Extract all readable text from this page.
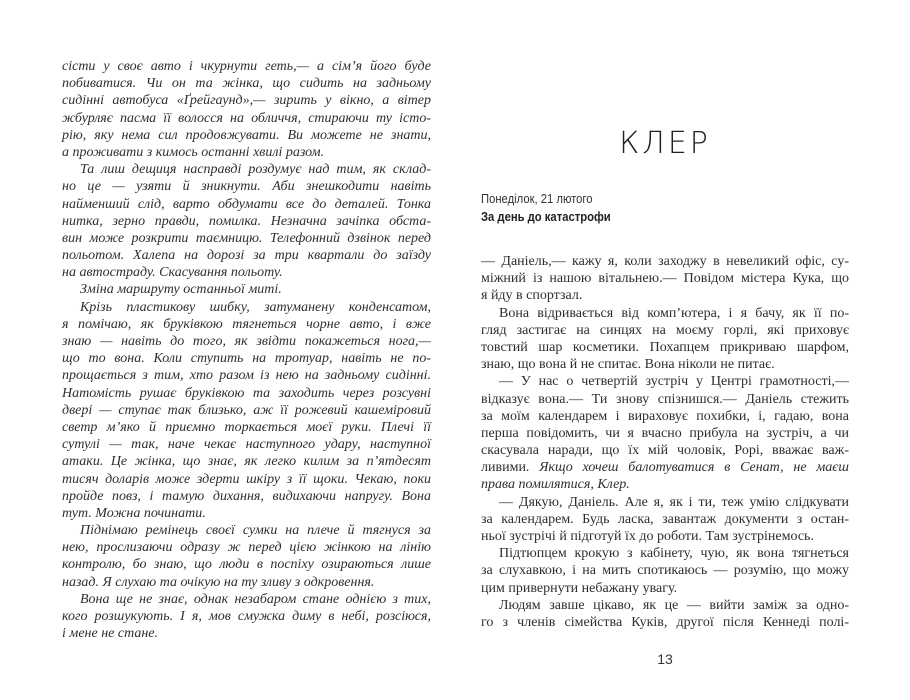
сісти у своє авто і чкурнути геть,— а сім’я його буде
побиватися. Чи он та жінка, що сидить на задньому
сидінні автобуса «Ґрейгаунд»,— зирить у вікно, а вітер
жбурляє пасма її волосся на обличчя, стираючи ту істо-
рію, яку нема сил продовжувати. Ви можете не знати,
а проживати з кимось останні хвилі разом.
Та лиш дещиця насправді роздумує над тим, як склад-
но це — узяти й зникнути. Аби знешкодити навіть
найменший слід, варто обдумати все до деталей. Тонка
нитка, зерно правди, помилка. Незначна зачіпка обста-
вин може розкрити таємницю. Телефонний дзвінок перед
польотом. Халепа на дорозі за три квартали до заїзду
на автостраду. Скасування польоту.
Зміна маршруту останньої миті.
Крізь пластикову шибку, затуманену конденсатом,
я помічаю, як бруківкою тягнеться чорне авто, і вже
знаю — навіть до того, як звідти покажеться нога,—
що то вона. Коли ступить на тротуар, навіть не по-
прощається з тим, хто разом із нею на задньому сидінні.
Натомість рушає бруківкою та заходить через розсувні
двері — ступає так близько, аж її рожевий кашеміровий
светр м’яко й приємно торкається моєї руки. Плечі її
сутулі — так, наче чекає наступного удару, наступної
атаки. Це жінка, що знає, як легко килим за п’ятдесят
тисяч доларів може здерти шкіру з її щоки. Чекаю, поки
пройде повз, і тамую дихання, видихаючи напругу. Вона
тут. Можна починати.
Піднімаю ремінець своєї сумки на плече й тягнуся за
нею, прослизаючи одразу ж перед цією жінкою на лінію
контролю, бо знаю, що люди в поспіху озираються лише
назад. Я слухаю та очікую на ту зливу з одкровення.
Вона ще не знає, однак незабаром стане однією з тих,
кого розшукують. І я, мов смужка диму в небі, розсіюся,
і мене не стане.
КЛЕР
Понеділок, 21 лютого
За день до катастрофи
— Даніель,— кажу я, коли заходжу в невеликий офіс, су-
міжний із нашою вітальнею.— Повідом містера Кука, що
я йду в спортзал.
Вона відривається від комп’ютера, і я бачу, як її по-
гляд застигає на синцях на моєму горлі, які приховує
товстий шар косметики. Похапцем прикриваю шарфом,
знаю, що вона й не спитає. Вона ніколи не питає.
— У нас о четвертій зустріч у Центрі грамотності,—
відказує вона.— Ти знову спізнишся.— Даніель стежить
за моїм календарем і вираховує похибки, і, гадаю, вона
перша повідомить, чи я вчасно прибула на зустріч, а чи
скасувала наради, що їх мій чоловік, Рорі, вважає важ-
ливими. Якщо хочеш балотуватися в Сенат, не маєш
права помилятися, Клер.
— Дякую, Даніель. Але я, як і ти, теж умію слідкувати
за календарем. Будь ласка, завантаж документи з остан-
ньої зустрічі й підготуй їх до роботи. Там зустрінемось.
Підтюпцем крокую з кабінету, чую, як вона тягнеться
за слухавкою, і на мить спотикаюсь — розумію, що можу
цим привернути небажану увагу.
Людям завше цікаво, як це — вийти заміж за одно-
го з членів сімейства Куків, другої після Кеннеді полі-
13
